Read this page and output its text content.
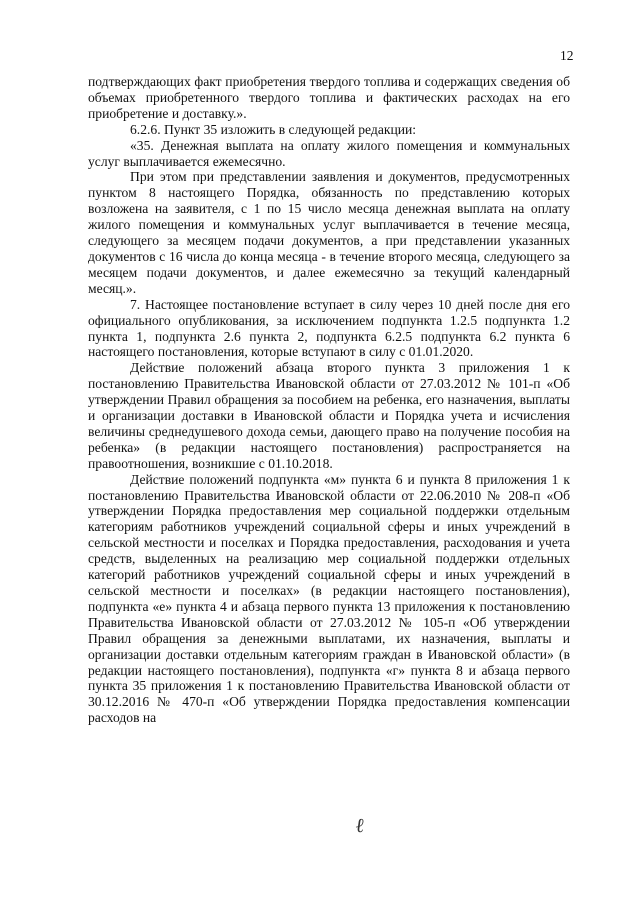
12

подтверждающих факт приобретения твердого топлива и содержащих сведения об объемах приобретенного твердого топлива и фактических расходах на его приобретение и доставку.».

6.2.6. Пункт 35 изложить в следующей редакции:

«35. Денежная выплата на оплату жилого помещения и коммунальных услуг выплачивается ежемесячно.

При этом при представлении заявления и документов, предусмотренных пунктом 8 настоящего Порядка, обязанность по представлению которых возложена на заявителя, с 1 по 15 число месяца денежная выплата на оплату жилого помещения и коммунальных услуг выплачивается в течение месяца, следующего за месяцем подачи документов, а при представлении указанных документов с 16 числа до конца месяца - в течение второго месяца, следующего за месяцем подачи документов, и далее ежемесячно за текущий календарный месяц.».

7. Настоящее постановление вступает в силу через 10 дней после дня его официального опубликования, за исключением подпункта 1.2.5 подпункта 1.2 пункта 1, подпункта 2.6 пункта 2, подпункта 6.2.5 подпункта 6.2 пункта 6 настоящего постановления, которые вступают в силу с 01.01.2020.

Действие положений абзаца второго пункта 3 приложения 1 к постановлению Правительства Ивановской области от 27.03.2012 № 101-п «Об утверждении Правил обращения за пособием на ребенка, его назначения, выплаты и организации доставки в Ивановской области и Порядка учета и исчисления величины среднедушевого дохода семьи, дающего право на получение пособия на ребенка» (в редакции настоящего постановления) распространяется на правоотношения, возникшие с 01.10.2018.

Действие положений подпункта «м» пункта 6 и пункта 8 приложения 1 к постановлению Правительства Ивановской области от 22.06.2010 № 208-п «Об утверждении Порядка предоставления мер социальной поддержки отдельным категориям работников учреждений социальной сферы и иных учреждений в сельской местности и поселках и Порядка предоставления, расходования и учета средств, выделенных на реализацию мер социальной поддержки отдельных категорий работников учреждений социальной сферы и иных учреждений в сельской местности и поселках» (в редакции настоящего постановления), подпункта «е» пункта 4 и абзаца первого пункта 13 приложения к постановлению Правительства Ивановской области от 27.03.2012 № 105-п «Об утверждении Правил обращения за денежными выплатами, их назначения, выплаты и организации доставки отдельным категориям граждан в Ивановской области» (в редакции настоящего постановления), подпункта «г» пункта 8 и абзаца первого пункта 35 приложения 1 к постановлению Правительства Ивановской области от 30.12.2016 № 470-п «Об утверждении Порядка предоставления компенсации расходов на

ℓ
